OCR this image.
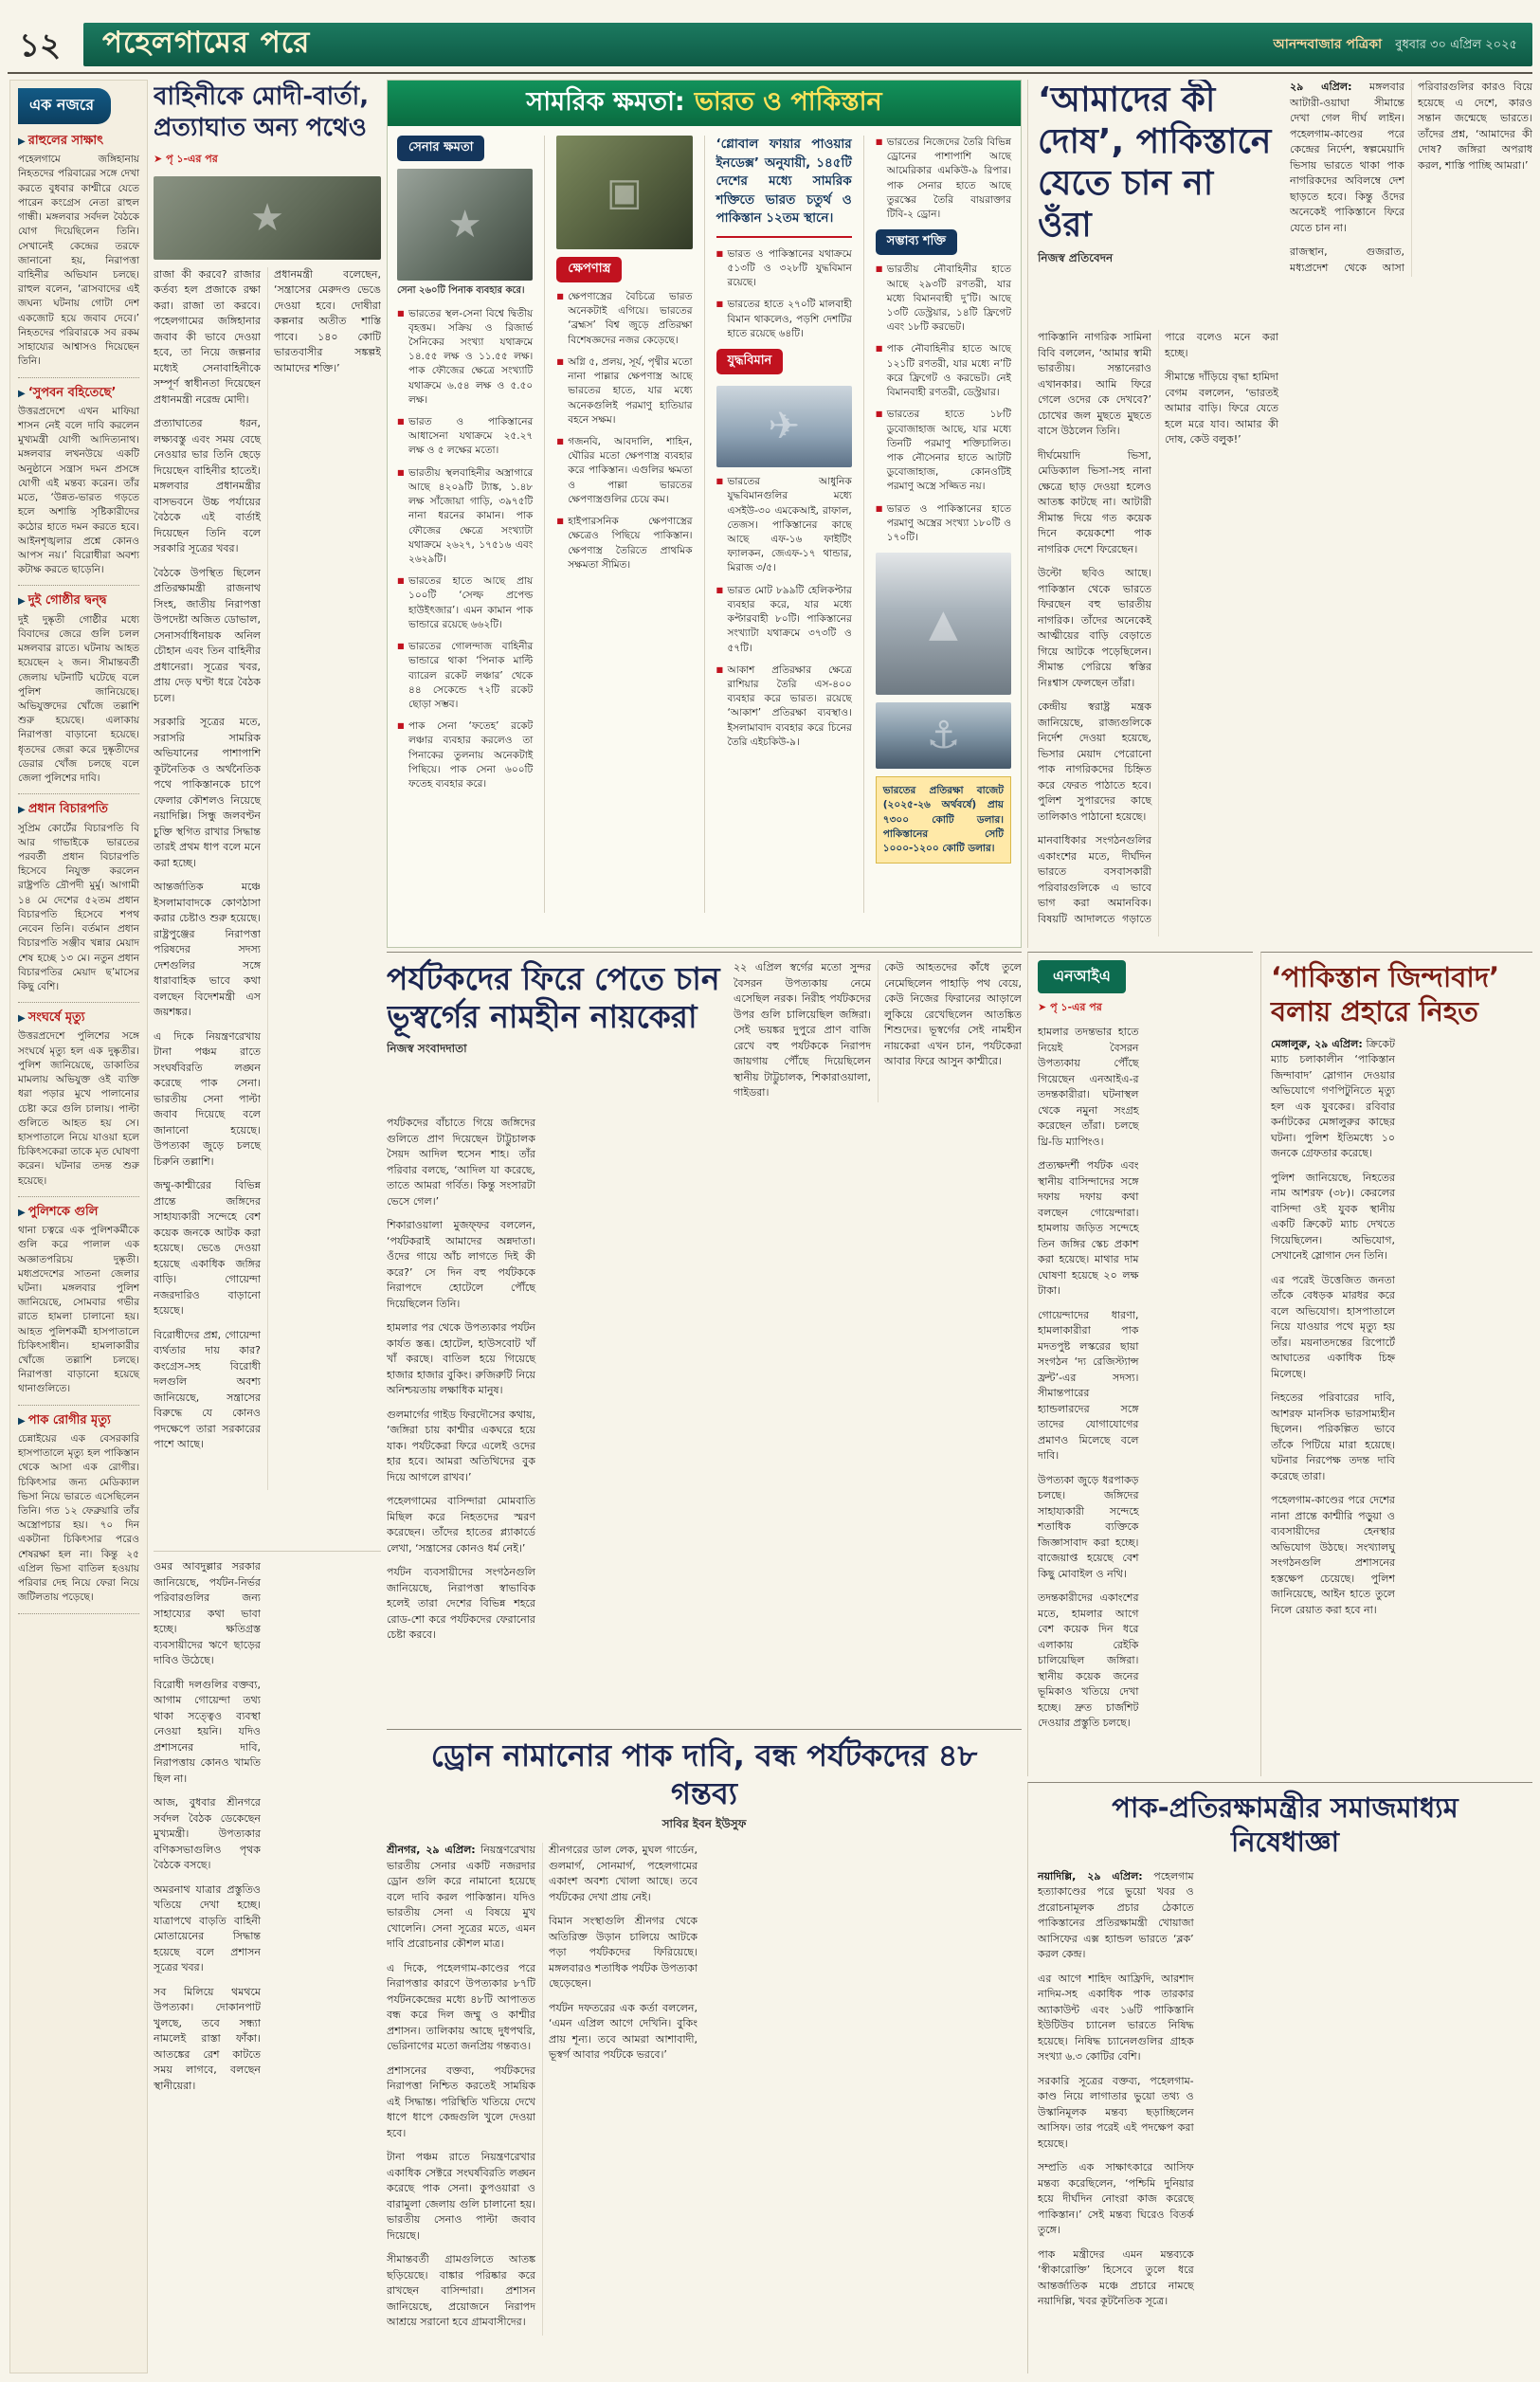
১২ পহেলগামের পরে	আনন্দবাজার পত্রিকা বুধবার ৩০ এপ্রিল ২০২৫
এক নজরে
▶ রাহুলের সাক্ষাৎ
পহেলগামে জঙ্গিহানায় নিহতদের পরিবারের সঙ্গে দেখা করতে বুধবার কাশ্মীরে যেতে পারেন কংগ্রেস নেতা রাহুল গান্ধী। মঙ্গলবার সর্বদল বৈঠকে যোগ দিয়েছিলেন তিনি। সেখানেই কেন্দ্রের তরফে জানানো হয়, নিরাপত্তা বাহিনীর অভিযান চলছে। রাহুল বলেন, ‘ত্রাসবাদের এই জঘন্য ঘটনায় গোটা দেশ একজোট হয়ে জবাব দেবে।’ নিহতদের পরিবারকে সব রকম সাহায্যের আশ্বাসও দিয়েছেন তিনি।
▶ ‘সুপবন বহিতেছে’
উত্তরপ্রদেশে এখন মাফিয়া শাসন নেই বলে দাবি করলেন মুখ্যমন্ত্রী যোগী আদিত্যনাথ। মঙ্গলবার লখনউয়ে একটি অনুষ্ঠানে সন্ত্রাস দমন প্রসঙ্গে যোগী এই মন্তব্য করেন। তাঁর মতে, ‘উন্নত-ভারত গড়তে হলে অশান্তি সৃষ্টিকারীদের কঠোর হাতে দমন করতে হবে। আইনশৃঙ্খলার প্রশ্নে কোনও আপস নয়।’ বিরোধীরা অবশ্য কটাক্ষ করতে ছাড়েনি।
▶ দুই গোষ্ঠীর দ্বন্দ্ব
দুই দুষ্কৃতী গোষ্ঠীর মধ্যে বিবাদের জেরে গুলি চলল মঙ্গলবার রাতে। ঘটনায় আহত হয়েছেন ২ জন। সীমান্তবর্তী জেলায় ঘটনাটি ঘটেছে বলে পুলিশ জানিয়েছে। অভিযুক্তদের খোঁজে তল্লাশি শুরু হয়েছে। এলাকায় নিরাপত্তা বাড়ানো হয়েছে। ধৃতদের জেরা করে দুষ্কৃতীদের ডেরার খোঁজ চলছে বলে জেলা পুলিশের দাবি।
▶ প্রধান বিচারপতি
সুপ্রিম কোর্টের বিচারপতি বি আর গাভাইকে ভারতের পরবর্তী প্রধান বিচারপতি হিসেবে নিযুক্ত করলেন রাষ্ট্রপতি দ্রৌপদী মুর্মু। আগামী ১৪ মে দেশের ৫২তম প্রধান বিচারপতি হিসেবে শপথ নেবেন তিনি। বর্তমান প্রধান বিচারপতি সঞ্জীব খন্নার মেয়াদ শেষ হচ্ছে ১৩ মে। নতুন প্রধান বিচারপতির মেয়াদ ছ’মাসের কিছু বেশি।
▶ সংঘর্ষে মৃত্যু
উত্তরপ্রদেশে পুলিশের সঙ্গে সংঘর্ষে মৃত্যু হল এক দুষ্কৃতীর। পুলিশ জানিয়েছে, ডাকাতির মামলায় অভিযুক্ত ওই ব্যক্তি ধরা পড়ার মুখে পালানোর চেষ্টা করে গুলি চালায়। পাল্টা গুলিতে আহত হয় সে। হাসপাতালে নিয়ে যাওয়া হলে চিকিৎসকেরা তাকে মৃত ঘোষণা করেন। ঘটনার তদন্ত শুরু হয়েছে।
▶ পুলিশকে গুলি
থানা চত্বরে এক পুলিশকর্মীকে গুলি করে পালাল এক অজ্ঞাতপরিচয় দুষ্কৃতী। মধ্যপ্রদেশের সাতনা জেলার ঘটনা। মঙ্গলবার পুলিশ জানিয়েছে, সোমবার গভীর রাতে হামলা চালানো হয়। আহত পুলিশকর্মী হাসপাতালে চিকিৎসাধীন। হামলাকারীর খোঁজে তল্লাশি চলছে। নিরাপত্তা বাড়ানো হয়েছে থানাগুলিতে।
▶ পাক রোগীর মৃত্যু
চেন্নাইয়ের এক বেসরকারি হাসপাতালে মৃত্যু হল পাকিস্তান থেকে আসা এক রোগীর। চিকিৎসার জন্য মেডিক্যাল ভিসা নিয়ে ভারতে এসেছিলেন তিনি। গত ১২ ফেব্রুয়ারি তাঁর অস্ত্রোপচার হয়। ৭০ দিন একটানা চিকিৎসার পরেও শেষরক্ষা হল না। কিন্তু ২৫ এপ্রিল ভিসা বাতিল হওয়ায় পরিবার দেহ নিয়ে ফেরা নিয়ে জটিলতায় পড়েছে।
বাহিনীকে মোদী-বার্তা, প্রত্যাঘাত অন্য পথেও
➤ পৃ ১-এর পর
★

রাজা কী করবে? রাজার কর্তব্য হল প্রজাকে রক্ষা করা। রাজা তা করবে। পহেলগামের জঙ্গিহানার জবাব কী ভাবে দেওয়া হবে, তা নিয়ে জল্পনার মধ্যেই সেনাবাহিনীকে সম্পূর্ণ স্বাধীনতা দিয়েছেন প্রধানমন্ত্রী নরেন্দ্র মোদী।

প্রত্যাঘাতের ধরন, লক্ষ্যবস্তু এবং সময় বেছে নেওয়ার ভার তিনি ছেড়ে দিয়েছেন বাহিনীর হাতেই। মঙ্গলবার প্রধানমন্ত্রীর বাসভবনে উচ্চ পর্যায়ের বৈঠকে এই বার্তাই দিয়েছেন তিনি বলে সরকারি সূত্রের খবর।

বৈঠকে উপস্থিত ছিলেন প্রতিরক্ষামন্ত্রী রাজনাথ সিংহ, জাতীয় নিরাপত্তা উপদেষ্টা অজিত ডোভাল, সেনাসর্বাধিনায়ক অনিল চৌহান এবং তিন বাহিনীর প্রধানেরা। সূত্রের খবর, প্রায় দেড় ঘণ্টা ধরে বৈঠক চলে।

সরকারি সূত্রের মতে, সরাসরি সামরিক অভিযানের পাশাপাশি কূটনৈতিক ও অর্থনৈতিক পথে পাকিস্তানকে চাপে ফেলার কৌশলও নিয়েছে নয়াদিল্লি। সিন্ধু জলবণ্টন চুক্তি স্থগিত রাখার সিদ্ধান্ত তারই প্রথম ধাপ বলে মনে করা হচ্ছে।

আন্তর্জাতিক মঞ্চে ইসলামাবাদকে কোণঠাসা করার চেষ্টাও শুরু হয়েছে। রাষ্ট্রপুঞ্জের নিরাপত্তা পরিষদের সদস্য দেশগুলির সঙ্গে ধারাবাহিক ভাবে কথা বলছেন বিদেশমন্ত্রী এস জয়শঙ্কর।

এ দিকে নিয়ন্ত্রণরেখায় টানা পঞ্চম রাতে সংঘর্ষবিরতি লঙ্ঘন করেছে পাক সেনা। ভারতীয় সেনা পাল্টা জবাব দিয়েছে বলে জানানো হয়েছে। উপত্যকা জুড়ে চলছে চিরুনি তল্লাশি।

জম্মু-কাশ্মীরের বিভিন্ন প্রান্তে জঙ্গিদের সাহায্যকারী সন্দেহে বেশ কয়েক জনকে আটক করা হয়েছে। ভেঙে দেওয়া হয়েছে একাধিক জঙ্গির বাড়ি। গোয়েন্দা নজরদারিও বাড়ানো হয়েছে।

বিরোধীদের প্রশ্ন, গোয়েন্দা ব্যর্থতার দায় কার? কংগ্রেস-সহ বিরোধী দলগুলি অবশ্য জানিয়েছে, সন্ত্রাসের বিরুদ্ধে যে কোনও পদক্ষেপে তারা সরকারের পাশে আছে।

প্রধানমন্ত্রী বলেছেন, ‘সন্ত্রাসের মেরুদণ্ড ভেঙে দেওয়া হবে। দোষীরা কল্পনার অতীত শাস্তি পাবে। ১৪০ কোটি ভারতবাসীর সঙ্কল্পই আমাদের শক্তি।’

ওমর আবদুল্লার সরকার জানিয়েছে, পর্যটন-নির্ভর পরিবারগুলির জন্য সাহায্যের কথা ভাবা হচ্ছে। ক্ষতিগ্রস্ত ব্যবসায়ীদের ঋণে ছাড়ের দাবিও উঠেছে।

বিরোধী দলগুলির বক্তব্য, আগাম গোয়েন্দা তথ্য থাকা সত্ত্বেও ব্যবস্থা নেওয়া হয়নি। যদিও প্রশাসনের দাবি, নিরাপত্তায় কোনও খামতি ছিল না।

আজ, বুধবার শ্রীনগরে সর্বদল বৈঠক ডেকেছেন মুখ্যমন্ত্রী। উপত্যকার বণিকসভাগুলিও পৃথক বৈঠকে বসছে।

অমরনাথ যাত্রার প্রস্তুতিও খতিয়ে দেখা হচ্ছে। যাত্রাপথে বাড়তি বাহিনী মোতায়েনের সিদ্ধান্ত হয়েছে বলে প্রশাসন সূত্রের খবর।

সব মিলিয়ে থমথমে উপত্যকা। দোকানপাট খুলছে, তবে সন্ধ্যা নামলেই রাস্তা ফাঁকা। আতঙ্কের রেশ কাটতে সময় লাগবে, বলছেন স্থানীয়েরা।

সামরিক ক্ষমতা: ভারত ও পাকিস্তান
সেনার ক্ষমতা
★
সেনা ২৬০টি পিনাক ব্যবহার করে।
■ ভারতের স্থল-সেনা বিশ্বে দ্বিতীয় বৃহত্তম। সক্রিয় ও রিজার্ভ সৈনিকের সংখ্যা যথাক্রমে ১৪.৫৫ লক্ষ ও ১১.৫৫ লক্ষ। পাক ফৌজের ক্ষেত্রে সংখ্যাটি যথাক্রমে ৬.৫৪ লক্ষ ও ৫.৫০ লক্ষ।
■ ভারত ও পাকিস্তানের আধাসেনা যথাক্রমে ২৫.২৭ লক্ষ ও ৫ লক্ষের মতো।
■ ভারতীয় স্থলবাহিনীর অস্ত্রাগারে আছে ৪২০৯টি ট্যাঙ্ক, ১.৪৮ লক্ষ সাঁজোয়া গাড়ি, ৩৯৭৫টি নানা ধরনের কামান। পাক ফৌজের ক্ষেত্রে সংখ্যাটা যথাক্রমে ২৬২৭, ১৭৫১৬ এবং ২৬২৯টি।
■ ভারতের হাতে আছে প্রায় ১০০টি ‘সেল্ফ প্রপেল্ড হাউইৎজার’। এমন কামান পাক ভান্ডারে রয়েছে ৬৬২টি।
■ ভারতের গোলন্দাজ বাহিনীর ভান্ডারে থাকা ‘পিনাক মাল্টি ব্যারেল রকেট লঞ্চার’ থেকে ৪৪ সেকেন্ডে ৭২টি রকেট ছোড়া সম্ভব।
■ পাক সেনা ‘ফতেহ’ রকেট লঞ্চার ব্যবহার করলেও তা পিনাকের তুলনায় অনেকটাই পিছিয়ে। পাক সেনা ৬০০টি ফতেহ ব্যবহার করে।
▣
ক্ষেপণাস্ত্র
■ ক্ষেপণাস্ত্রের বৈচিত্রে ভারত অনেকটাই এগিয়ে। ভারতের ‘ব্রহ্মস’ বিশ্ব জুড়ে প্রতিরক্ষা বিশেষজ্ঞদের নজর কেড়েছে।
■ অগ্নি ৫, প্রলয়, সূর্য, পৃথ্বীর মতো নানা পাল্লার ক্ষেপণাস্ত্র আছে ভারতের হাতে, যার মধ্যে অনেকগুলিই পরমাণু হাতিয়ার বহনে সক্ষম।
■ গজনবি, আবদালি, শাহিন, ঘৌরির মতো ক্ষেপণাস্ত্র ব্যবহার করে পাকিস্তান। এগুলির ক্ষমতা ও পাল্লা ভারতের ক্ষেপণাস্ত্রগুলির চেয়ে কম।
■ হাইপারসনিক ক্ষেপণাস্ত্রের ক্ষেত্রেও পিছিয়ে পাকিস্তান। ক্ষেপণাস্ত্র তৈরিতে প্রাথমিক সক্ষমতা সীমিত।
‘গ্লোবাল ফায়ার পাওয়ার ইনডেক্স’ অনুযায়ী, ১৪৫টি দেশের মধ্যে সামরিক শক্তিতে ভারত চতুর্থ ও পাকিস্তান ১২তম স্থানে।
■ ভারত ও পাকিস্তানের যথাক্রমে ৫১৩টি ও ৩২৮টি যুদ্ধবিমান রয়েছে।
■ ভারতের হাতে ২৭০টি মালবাহী বিমান থাকলেও, পড়শি দেশটির হাতে রয়েছে ৬৪টি।
যুদ্ধবিমান
✈
■ ভারতের আধুনিক যুদ্ধবিমানগুলির মধ্যে এসইউ-৩০ এমকেআই, রাফাল, তেজস। পাকিস্তানের কাছে আছে এফ-১৬ ফাইটিং ফ্যালকন, জেএফ-১৭ থান্ডার, মিরাজ ৩/৫।
■ ভারত মোট ৮৯৯টি হেলিকপ্টার ব্যবহার করে, যার মধ্যে কপ্টারবাহী ৮০টি। পাকিস্তানের সংখ্যাটা যথাক্রমে ৩৭৩টি ও ৫৭টি।
■ আকাশ প্রতিরক্ষার ক্ষেত্রে রাশিয়ার তৈরি এস-৪০০ ব্যবহার করে ভারত। রয়েছে ‘আকাশ’ প্রতিরক্ষা ব্যবস্থাও। ইসলামাবাদ ব্যবহার করে চিনের তৈরি এইচকিউ-৯।
■ ভারতের নিজেদের তৈরি বিভিন্ন ড্রোনের পাশাপাশি আছে আমেরিকার এমকিউ-৯ রিপার। পাক সেনার হাতে আছে তুরস্কের তৈরি বায়রাক্তার টিবি-২ ড্রোন।
সম্ভাব্য শক্তি
■ ভারতীয় নৌবাহিনীর হাতে আছে ২৯৩টি রণতরী, যার মধ্যে বিমানবাহী দু’টি। আছে ১৩টি ডেস্ট্রয়ার, ১৪টি ফ্রিগেট এবং ১৮টি করভেট।
■ পাক নৌবাহিনীর হাতে আছে ১২১টি রণতরী, যার মধ্যে ন’টি করে ফ্রিগেট ও করভেট। নেই বিমানবাহী রণতরী, ডেস্ট্রয়ার।
■ ভারতের হাতে ১৮টি ডুবোজাহাজ আছে, যার মধ্যে তিনটি পরমাণু শক্তিচালিত। পাক নৌসেনার হাতে আটটি ডুবোজাহাজ, কোনওটিই পরমাণু অস্ত্রে সজ্জিত নয়।
■ ভারত ও পাকিস্তানের হাতে পরমাণু অস্ত্রের সংখ্যা ১৮০টি ও ১৭০টি।
▲
⚓
ভারতের প্রতিরক্ষা বাজেট (২০২৫-২৬ অর্থবর্ষে) প্রায় ৭৩০০ কোটি ডলার। পাকিস্তানের সেটি ১০০০-১২০০ কোটি ডলার।
‘আমাদের কী দোষ’, পাকিস্তানে যেতে চান না ওঁরা
নিজস্ব প্রতিবেদন

২৯ এপ্রিল: মঙ্গলবার আটারী-ওয়াঘা সীমান্তে দেখা গেল দীর্ঘ লাইন। পহেলগাম-কাণ্ডের পরে কেন্দ্রের নির্দেশ, স্বল্পমেয়াদি ভিসায় ভারতে থাকা পাক নাগরিকদের অবিলম্বে দেশ ছাড়তে হবে। কিন্তু ওঁদের অনেকেই পাকিস্তানে ফিরে যেতে চান না।

রাজস্থান, গুজরাত, মধ্যপ্রদেশ থেকে আসা পরিবারগুলির কারও বিয়ে হয়েছে এ দেশে, কারও সন্তান জন্মেছে ভারতে। তাঁদের প্রশ্ন, ‘আমাদের কী দোষ? জঙ্গিরা অপরাধ করল, শাস্তি পাচ্ছি আমরা।’

পাকিস্তানি নাগরিক সামিনা বিবি বললেন, ‘আমার স্বামী ভারতীয়। সন্তানেরাও এখানকার। আমি ফিরে গেলে ওদের কে দেখবে?’ চোখের জল মুছতে মুছতে বাসে উঠলেন তিনি।

দীর্ঘমেয়াদি ভিসা, মেডিক্যাল ভিসা-সহ নানা ক্ষেত্রে ছাড় দেওয়া হলেও আতঙ্ক কাটছে না। আটারী সীমান্ত দিয়ে গত কয়েক দিনে কয়েকশো পাক নাগরিক দেশে ফিরেছেন।

উল্টো ছবিও আছে। পাকিস্তান থেকে ভারতে ফিরছেন বহু ভারতীয় নাগরিক। তাঁদের অনেকেই আত্মীয়ের বাড়ি বেড়াতে গিয়ে আটকে পড়েছিলেন। সীমান্ত পেরিয়ে স্বস্তির নিঃশ্বাস ফেলছেন তাঁরা।

কেন্দ্রীয় স্বরাষ্ট্র মন্ত্রক জানিয়েছে, রাজ্যগুলিকে নির্দেশ দেওয়া হয়েছে, ভিসার মেয়াদ পেরোনো পাক নাগরিকদের চিহ্নিত করে ফেরত পাঠাতে হবে। পুলিশ সুপারদের কাছে তালিকাও পাঠানো হয়েছে।

মানবাধিকার সংগঠনগুলির একাংশের মতে, দীর্ঘদিন ভারতে বসবাসকারী পরিবারগুলিকে এ ভাবে ভাগ করা অমানবিক। বিষয়টি আদালতে গড়াতে পারে বলেও মনে করা হচ্ছে।

সীমান্তে দাঁড়িয়ে বৃদ্ধা হামিদা বেগম বললেন, ‘ভারতই আমার বাড়ি। ফিরে যেতে হলে মরে যাব। আমার কী দোষ, কেউ বলুক!’

পর্যটকদের ফিরে পেতে চান ভূস্বর্গের নামহীন নায়কেরা
নিজস্ব সংবাদদাতা

২২ এপ্রিল স্বর্গের মতো সুন্দর বৈসরন উপত্যকায় নেমে এসেছিল নরক। নিরীহ পর্যটকদের উপর গুলি চালিয়েছিল জঙ্গিরা। সেই ভয়ঙ্কর দুপুরে প্রাণ বাজি রেখে বহু পর্যটককে নিরাপদ জায়গায় পৌঁছে দিয়েছিলেন স্থানীয় টাট্টুচালক, শিকারাওয়ালা, গাইডরা।

কেউ আহতদের কাঁধে তুলে নেমেছিলেন পাহাড়ি পথ বেয়ে, কেউ নিজের ফিরানের আড়ালে লুকিয়ে রেখেছিলেন আতঙ্কিত শিশুদের। ভূস্বর্গের সেই নামহীন নায়কেরা এখন চান, পর্যটকেরা আবার ফিরে আসুন কাশ্মীরে।

পর্যটকদের বাঁচাতে গিয়ে জঙ্গিদের গুলিতে প্রাণ দিয়েছেন টাট্টুচালক সৈয়দ আদিল হুসেন শাহ। তাঁর পরিবার বলছে, ‘আদিল যা করেছে, তাতে আমরা গর্বিত। কিন্তু সংসারটা ভেসে গেল।’

শিকারাওয়ালা মুজফ্ফর বললেন, ‘পর্যটকরাই আমাদের অন্নদাতা। ওঁদের গায়ে আঁচ লাগতে দিই কী করে?’ সে দিন বহু পর্যটককে নিরাপদে হোটেলে পৌঁছে দিয়েছিলেন তিনি।

হামলার পর থেকে উপত্যকার পর্যটন কার্যত স্তব্ধ। হোটেল, হাউসবোট খাঁ খাঁ করছে। বাতিল হয়ে গিয়েছে হাজার হাজার বুকিং। রুজিরুটি নিয়ে অনিশ্চয়তায় লক্ষাধিক মানুষ।

গুলমার্গের গাইড ফিরদৌসের কথায়, ‘জঙ্গিরা চায় কাশ্মীর একঘরে হয়ে যাক। পর্যটকেরা ফিরে এলেই ওদের হার হবে। আমরা অতিথিদের বুক দিয়ে আগলে রাখব।’

পহেলগামের বাসিন্দারা মোমবাতি মিছিল করে নিহতদের স্মরণ করেছেন। তাঁদের হাতের প্ল্যাকার্ডে লেখা, ‘সন্ত্রাসের কোনও ধর্ম নেই।’

পর্যটন ব্যবসায়ীদের সংগঠনগুলি জানিয়েছে, নিরাপত্তা স্বাভাবিক হলেই তারা দেশের বিভিন্ন শহরে রোড-শো করে পর্যটকদের ফেরানোর চেষ্টা করবে।

এনআইএ
➤ পৃ ১-এর পর

হামলার তদন্তভার হাতে নিয়েই বৈসরন উপত্যকায় পৌঁছে গিয়েছেন এনআইএ-র তদন্তকারীরা। ঘটনাস্থল থেকে নমুনা সংগ্রহ করেছেন তাঁরা। চলছে থ্রি-ডি ম্যাপিংও।

প্রত্যক্ষদর্শী পর্যটক এবং স্থানীয় বাসিন্দাদের সঙ্গে দফায় দফায় কথা বলছেন গোয়েন্দারা। হামলায় জড়িত সন্দেহে তিন জঙ্গির স্কেচ প্রকাশ করা হয়েছে। মাথার দাম ঘোষণা হয়েছে ২০ লক্ষ টাকা।

গোয়েন্দাদের ধারণা, হামলাকারীরা পাক মদতপুষ্ট লস্করের ছায়া সংগঠন ‘দ্য রেজিস্ট্যান্স ফ্রন্ট’-এর সদস্য। সীমান্তপারের হ্যান্ডলারদের সঙ্গে তাদের যোগাযোগের প্রমাণও মিলেছে বলে দাবি।

উপত্যকা জুড়ে ধরপাকড় চলছে। জঙ্গিদের সাহায্যকারী সন্দেহে শতাধিক ব্যক্তিকে জিজ্ঞাসাবাদ করা হচ্ছে। বাজেয়াপ্ত হয়েছে বেশ কিছু মোবাইল ও নথি।

তদন্তকারীদের একাংশের মতে, হামলার আগে বেশ কয়েক দিন ধরে এলাকায় রেইকি চালিয়েছিল জঙ্গিরা। স্থানীয় কয়েক জনের ভূমিকাও খতিয়ে দেখা হচ্ছে। দ্রুত চার্জশিট দেওয়ার প্রস্তুতি চলছে।

‘পাকিস্তান জিন্দাবাদ’ বলায় প্রহারে নিহত

মেঙ্গালুরু, ২৯ এপ্রিল: ক্রিকেট ম্যাচ চলাকালীন ‘পাকিস্তান জিন্দাবাদ’ স্লোগান দেওয়ার অভিযোগে গণপিটুনিতে মৃত্যু হল এক যুবকের। রবিবার কর্নাটকের মেঙ্গালুরুর কাছের ঘটনা। পুলিশ ইতিমধ্যে ১০ জনকে গ্রেফতার করেছে।

পুলিশ জানিয়েছে, নিহতের নাম আশরফ (৩৮)। কেরলের বাসিন্দা ওই যুবক স্থানীয় একটি ক্রিকেট ম্যাচ দেখতে গিয়েছিলেন। অভিযোগ, সেখানেই স্লোগান দেন তিনি।

এর পরেই উত্তেজিত জনতা তাঁকে বেধড়ক মারধর করে বলে অভিযোগ। হাসপাতালে নিয়ে যাওয়ার পথে মৃত্যু হয় তাঁর। ময়নাতদন্তের রিপোর্টে আঘাতের একাধিক চিহ্ন মিলেছে।

নিহতের পরিবারের দাবি, আশরফ মানসিক ভারসাম্যহীন ছিলেন। পরিকল্পিত ভাবে তাঁকে পিটিয়ে মারা হয়েছে। ঘটনার নিরপেক্ষ তদন্ত দাবি করেছে তারা।

পহেলগাম-কাণ্ডের পরে দেশের নানা প্রান্তে কাশ্মীরি পড়ুয়া ও ব্যবসায়ীদের হেনস্থার অভিযোগ উঠছে। সংখ্যালঘু সংগঠনগুলি প্রশাসনের হস্তক্ষেপ চেয়েছে। পুলিশ জানিয়েছে, আইন হাতে তুলে নিলে রেয়াত করা হবে না।

ড্রোন নামানোর পাক দাবি, বন্ধ পর্যটকদের ৪৮ গন্তব্য
সাবির ইবন ইউসুফ

শ্রীনগর, ২৯ এপ্রিল: নিয়ন্ত্রণরেখায় ভারতীয় সেনার একটি নজরদার ড্রোন গুলি করে নামানো হয়েছে বলে দাবি করল পাকিস্তান। যদিও ভারতীয় সেনা এ বিষয়ে মুখ খোলেনি। সেনা সূত্রের মতে, এমন দাবি প্ররোচনার কৌশল মাত্র।

এ দিকে, পহেলগাম-কাণ্ডের পরে নিরাপত্তার কারণে উপত্যকার ৮৭টি পর্যটনকেন্দ্রের মধ্যে ৪৮টি আপাতত বন্ধ করে দিল জম্মু ও কাশ্মীর প্রশাসন। তালিকায় আছে দুধপথরি, ভেরিনাগের মতো জনপ্রিয় গন্তব্যও।

প্রশাসনের বক্তব্য, পর্যটকদের নিরাপত্তা নিশ্চিত করতেই সাময়িক এই সিদ্ধান্ত। পরিস্থিতি খতিয়ে দেখে ধাপে ধাপে কেন্দ্রগুলি খুলে দেওয়া হবে।

টানা পঞ্চম রাতে নিয়ন্ত্রণরেখার একাধিক সেক্টরে সংঘর্ষবিরতি লঙ্ঘন করেছে পাক সেনা। কুপওয়ারা ও বারামুলা জেলায় গুলি চালানো হয়। ভারতীয় সেনাও পাল্টা জবাব দিয়েছে।

সীমান্তবর্তী গ্রামগুলিতে আতঙ্ক ছড়িয়েছে। বাঙ্কার পরিষ্কার করে রাখছেন বাসিন্দারা। প্রশাসন জানিয়েছে, প্রয়োজনে নিরাপদ আশ্রয়ে সরানো হবে গ্রামবাসীদের।

শ্রীনগরের ডাল লেক, মুঘল গার্ডেন, গুলমার্গ, সোনমার্গ, পহেলগামের একাংশ অবশ্য খোলা আছে। তবে পর্যটকের দেখা প্রায় নেই।

বিমান সংস্থাগুলি শ্রীনগর থেকে অতিরিক্ত উড়ান চালিয়ে আটকে পড়া পর্যটকদের ফিরিয়েছে। মঙ্গলবারও শতাধিক পর্যটক উপত্যকা ছেড়েছেন।

পর্যটন দফতরের এক কর্তা বললেন, ‘এমন এপ্রিল আগে দেখিনি। বুকিং প্রায় শূন্য। তবে আমরা আশাবাদী, ভূস্বর্গ আবার পর্যটকে ভরবে।’

পাক-প্রতিরক্ষামন্ত্রীর সমাজমাধ্যম নিষেধাজ্ঞা

নয়াদিল্লি, ২৯ এপ্রিল: পহেলগাম হত্যাকাণ্ডের পরে ভুয়ো খবর ও প্ররোচনামূলক প্রচার ঠেকাতে পাকিস্তানের প্রতিরক্ষামন্ত্রী খোয়াজা আসিফের এক্স হ্যান্ডল ভারতে ‘ব্লক’ করল কেন্দ্র।

এর আগে শাহিদ আফ্রিদি, আরশাদ নাদিম-সহ একাধিক পাক তারকার অ্যাকাউন্ট এবং ১৬টি পাকিস্তানি ইউটিউব চ্যানেল ভারতে নিষিদ্ধ হয়েছে। নিষিদ্ধ চ্যানেলগুলির গ্রাহক সংখ্যা ৬.৩ কোটির বেশি।

সরকারি সূত্রের বক্তব্য, পহেলগাম-কাণ্ড নিয়ে লাগাতার ভুয়ো তথ্য ও উস্কানিমূলক মন্তব্য ছড়াচ্ছিলেন আসিফ। তার পরেই এই পদক্ষেপ করা হয়েছে।

সম্প্রতি এক সাক্ষাৎকারে আসিফ মন্তব্য করেছিলেন, ‘পশ্চিমি দুনিয়ার হয়ে দীর্ঘদিন নোংরা কাজ করেছে পাকিস্তান।’ সেই মন্তব্য ঘিরেও বিতর্ক তুঙ্গে।

পাক মন্ত্রীদের এমন মন্তব্যকে ‘স্বীকারোক্তি’ হিসেবে তুলে ধরে আন্তর্জাতিক মঞ্চে প্রচারে নামছে নয়াদিল্লি, খবর কূটনৈতিক সূত্রে।
